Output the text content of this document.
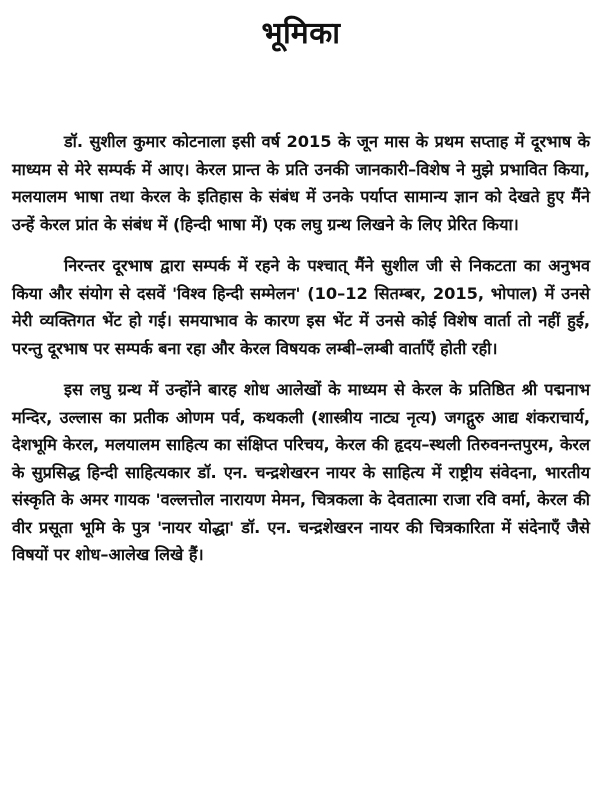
भूमिका

डॉ. सुशील कुमार कोटनाला इसी वर्ष 2015 के जून मास के प्रथम सप्ताह में दूरभाष के माध्यम से मेरे सम्पर्क में आए। केरल प्रान्त के प्रति उनकी जानकारी–विशेष ने मुझे प्रभावित किया, मलयालम भाषा तथा केरल के इतिहास के संबंध में उनके पर्याप्त सामान्य ज्ञान को देखते हुए मैंने उन्हें केरल प्रांत के संबंध में (हिन्दी भाषा में) एक लघु ग्रन्थ लिखने के लिए प्रेरित किया।

निरन्तर दूरभाष द्वारा सम्पर्क में रहने के पश्चात् मैंने सुशील जी से निकटता का अनुभव किया और संयोग से दसवें 'विश्व हिन्दी सम्मेलन' (10–12 सितम्बर, 2015, भोपाल) में उनसे मेरी व्यक्तिगत भेंट हो गई। समयाभाव के कारण इस भेंट में उनसे कोई विशेष वार्ता तो नहीं हुई, परन्तु दूरभाष पर सम्पर्क बना रहा और केरल विषयक लम्बी–लम्बी वार्ताएँ होती रही।

इस लघु ग्रन्थ में उन्होंने बारह शोध आलेखों के माध्यम से केरल के प्रतिष्ठित श्री पद्मनाभ मन्दिर, उल्लास का प्रतीक ओणम पर्व, कथकली (शास्त्रीय नाट्य नृत्य) जगद्गुरु आद्य शंकराचार्य, देशभूमि केरल, मलयालम साहित्य का संक्षिप्त परिचय, केरल की हृदय–स्थली तिरुवनन्तपुरम, केरल के सुप्रसिद्ध हिन्दी साहित्यकार डॉ. एन. चन्द्रशेखरन नायर के साहित्य में राष्ट्रीय संवेदना, भारतीय संस्कृति के अमर गायक 'वल्लत्तोल नारायण मेमन, चित्रकला के देवतात्मा राजा रवि वर्मा, केरल की वीर प्रसूता भूमि के पुत्र 'नायर योद्धा' डॉ. एन. चन्द्रशेखरन नायर की चित्रकारिता में संदेनाएँ जैसे विषयों पर शोध–आलेख लिखे हैं।
